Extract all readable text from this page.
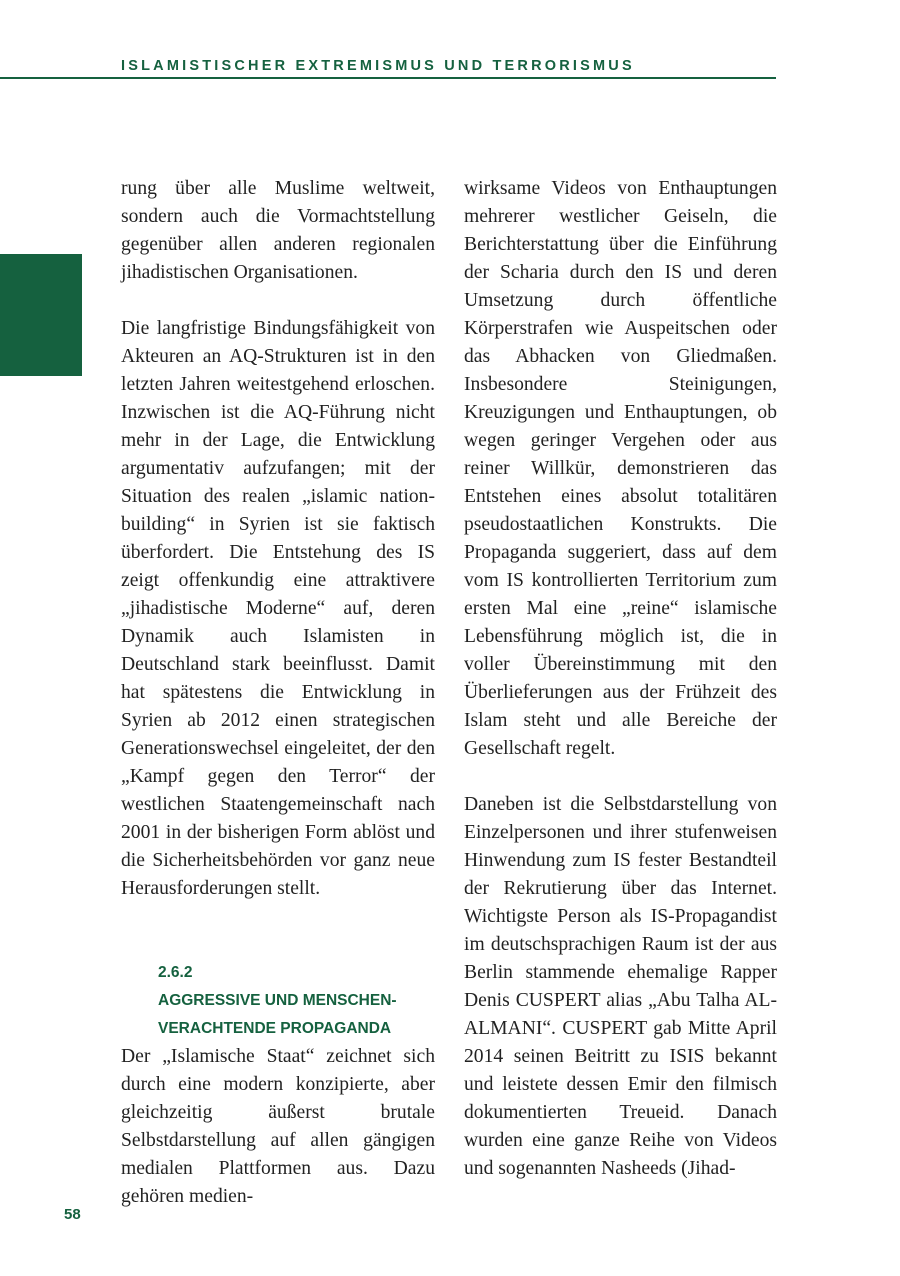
ISLAMISTISCHER EXTREMISMUS UND TERRORISMUS

rung über alle Muslime weltweit, sondern auch die Vormachtstellung gegenüber allen anderen regionalen jihadistischen Organisationen.

Die langfristige Bindungsfähigkeit von Akteuren an AQ-Strukturen ist in den letzten Jahren weitestgehend erloschen. Inzwischen ist die AQ-Führung nicht mehr in der Lage, die Entwicklung argumentativ aufzufangen; mit der Situation des realen „islamic nation-building“ in Syrien ist sie faktisch überfordert. Die Entstehung des IS zeigt offenkundig eine attraktivere „jihadistische Moderne“ auf, deren Dynamik auch Islamisten in Deutschland stark beeinflusst. Damit hat spätestens die Entwicklung in Syrien ab 2012 einen strategischen Generationswechsel eingeleitet, der den „Kampf gegen den Terror“ der westlichen Staatengemeinschaft nach 2001 in der bisherigen Form ablöst und die Sicherheitsbehörden vor ganz neue Herausforderungen stellt.

2.6.2
AGGRESSIVE UND MENSCHEN-
VERACHTENDE PROPAGANDA

Der „Islamische Staat“ zeichnet sich durch eine modern konzipierte, aber gleichzeitig äußerst brutale Selbstdarstellung auf allen gängigen medialen Plattformen aus. Dazu gehören medien-

wirksame Videos von Enthauptungen mehrerer westlicher Geiseln, die Berichterstattung über die Einführung der Scharia durch den IS und deren Umsetzung durch öffentliche Körperstrafen wie Auspeitschen oder das Abhacken von Gliedmaßen. Insbesondere Steinigungen, Kreuzigungen und Enthauptungen, ob wegen geringer Vergehen oder aus reiner Willkür, demonstrieren das Entstehen eines absolut totalitären pseudostaatlichen Konstrukts. Die Propaganda suggeriert, dass auf dem vom IS kontrollierten Territorium zum ersten Mal eine „reine“ islamische Lebensführung möglich ist, die in voller Übereinstimmung mit den Überlieferungen aus der Frühzeit des Islam steht und alle Bereiche der Gesellschaft regelt.

Daneben ist die Selbstdarstellung von Einzelpersonen und ihrer stufenweisen Hinwendung zum IS fester Bestandteil der Rekrutierung über das Internet. Wichtigste Person als IS-Propagandist im deutschsprachigen Raum ist der aus Berlin stammende ehemalige Rapper Denis CUSPERT alias „Abu Talha AL-ALMANI“. CUSPERT gab Mitte April 2014 seinen Beitritt zu ISIS bekannt und leistete dessen Emir den filmisch dokumentierten Treueid. Danach wurden eine ganze Reihe von Videos und sogenannten Nasheeds (Jihad-

58
